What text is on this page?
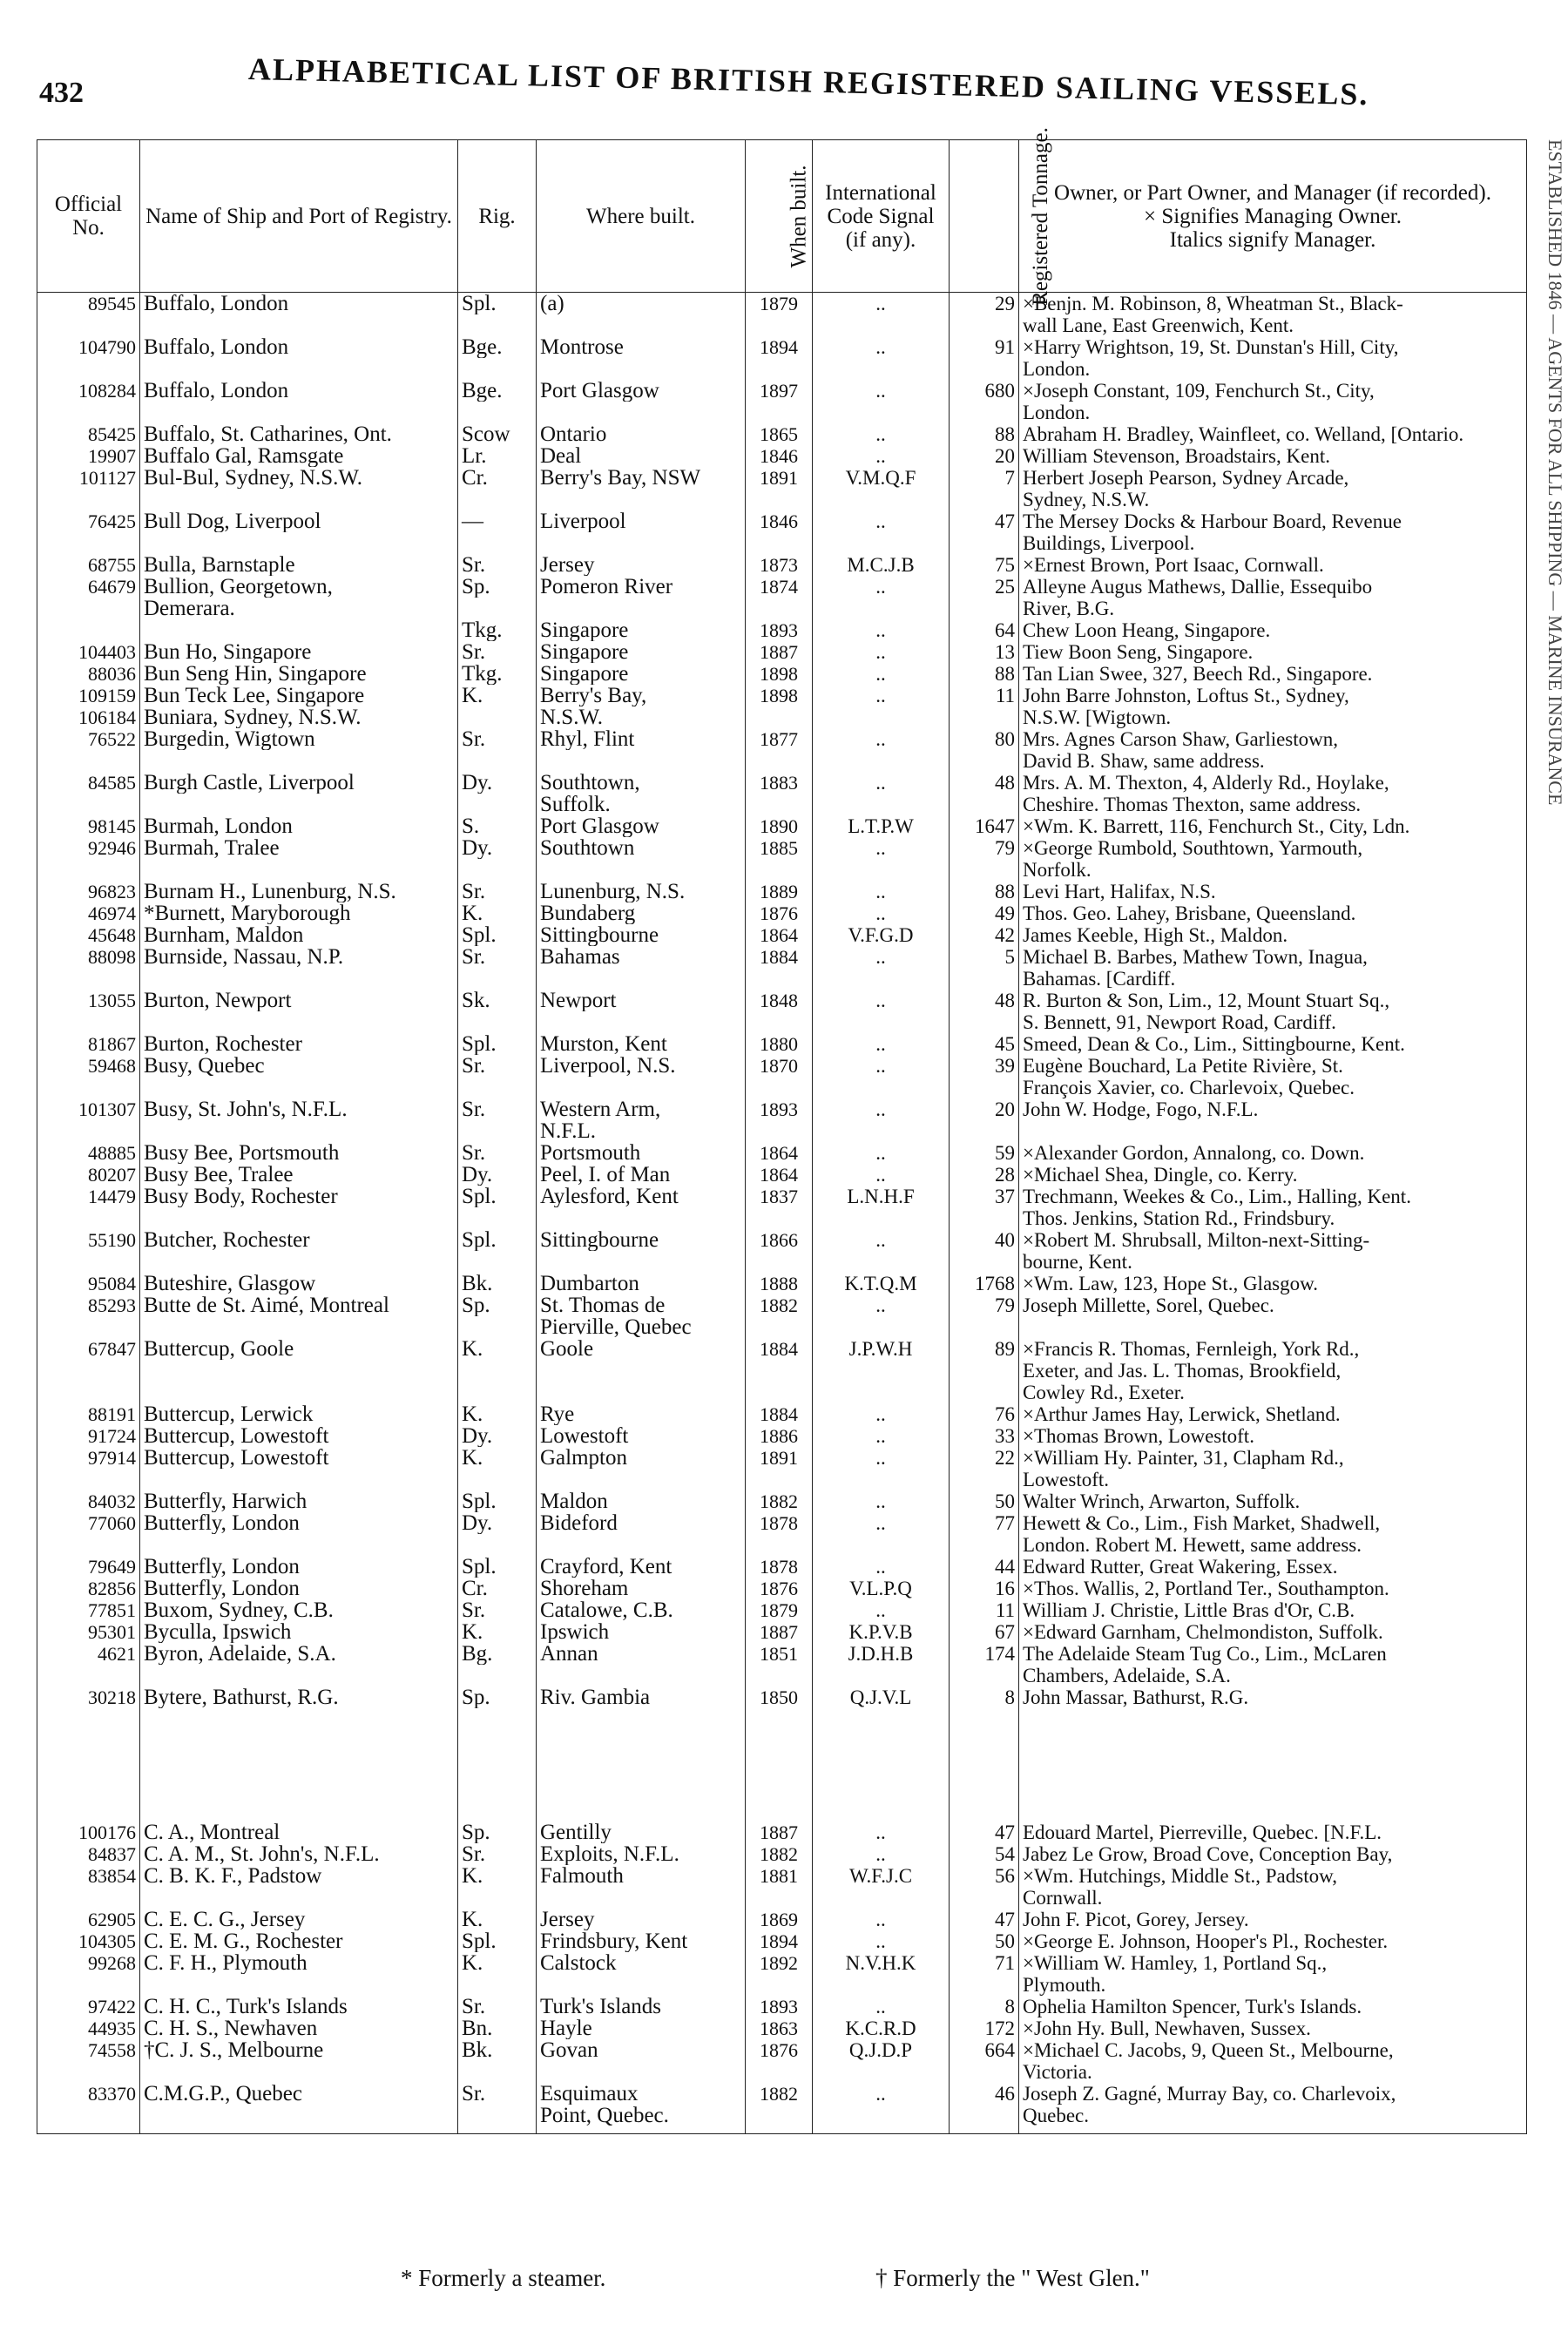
432	ALPHABETICAL LIST OF BRITISH REGISTERED SAILING VESSELS.
Official No.	Name of Ship and Port of Registry.	Rig.	Where built.	When built.	International Code Signal (if any).	Registered Tonnage.	Owner, or Part Owner, and Manager (if recorded).
× Signifies Managing Owner.
Italics signify Manager.

89545	Buffalo, London	Spl.	(a)	1879	..	29	×Benjn. M. Robinson, 8, Wheatman St., Black-
							wall Lane, East Greenwich, Kent.
104790	Buffalo, London	Bge.	Montrose	1894	..	91	×Harry Wrightson, 19, St. Dunstan's Hill, City,
							London.
108284	Buffalo, London	Bge.	Port Glasgow	1897	..	680	×Joseph Constant, 109, Fenchurch St., City,
							London.
85425	Buffalo, St. Catharines, Ont.	Scow	Ontario	1865	..	88	Abraham H. Bradley, Wainfleet, co. Welland, [Ontario.
19907	Buffalo Gal, Ramsgate	Lr.	Deal	1846	..	20	William Stevenson, Broadstairs, Kent.
101127	Bul-Bul, Sydney, N.S.W.	Cr.	Berry's Bay, NSW	1891	V.M.Q.F	7	Herbert Joseph Pearson, Sydney Arcade,
							Sydney, N.S.W.
76425	Bull Dog, Liverpool	—	Liverpool	1846	..	47	The Mersey Docks & Harbour Board, Revenue
							Buildings, Liverpool.
68755	Bulla, Barnstaple	Sr.	Jersey	1873	M.C.J.B	75	×Ernest Brown, Port Isaac, Cornwall.
64679	Bullion, Georgetown,	Sp.	Pomeron River	1874	..	25	Alleyne Augus Mathews, Dallie, Essequibo
	Demerara.						River, B.G.
		Tkg.	Singapore	1893	..	64	Chew Loon Heang, Singapore.
104403	Bun Ho, Singapore	Sr.	Singapore	1887	..	13	Tiew Boon Seng, Singapore.
88036	Bun Seng Hin, Singapore	Tkg.	Singapore	1898	..	88	Tan Lian Swee, 327, Beech Rd., Singapore.
109159	Bun Teck Lee, Singapore	K.	Berry's Bay,	1898	..	11	John Barre Johnston, Loftus St., Sydney,
106184	Buniara, Sydney, N.S.W.		N.S.W.				N.S.W. [Wigtown.
76522	Burgedin, Wigtown	Sr.	Rhyl, Flint	1877	..	80	Mrs. Agnes Carson Shaw, Garliestown,
							David B. Shaw, same address.
84585	Burgh Castle, Liverpool	Dy.	Southtown,	1883	..	48	Mrs. A. M. Thexton, 4, Alderly Rd., Hoylake,
			Suffolk.				Cheshire. Thomas Thexton, same address.
98145	Burmah, London	S.	Port Glasgow	1890	L.T.P.W	1647	×Wm. K. Barrett, 116, Fenchurch St., City, Ldn.
92946	Burmah, Tralee	Dy.	Southtown	1885	..	79	×George Rumbold, Southtown, Yarmouth,
							Norfolk.
96823	Burnam H., Lunenburg, N.S.	Sr.	Lunenburg, N.S.	1889	..	88	Levi Hart, Halifax, N.S.
46974	*Burnett, Maryborough	K.	Bundaberg	1876	..	49	Thos. Geo. Lahey, Brisbane, Queensland.
45648	Burnham, Maldon	Spl.	Sittingbourne	1864	V.F.G.D	42	James Keeble, High St., Maldon.
88098	Burnside, Nassau, N.P.	Sr.	Bahamas	1884	..	5	Michael B. Barbes, Mathew Town, Inagua,
							Bahamas. [Cardiff.
13055	Burton, Newport	Sk.	Newport	1848	..	48	R. Burton & Son, Lim., 12, Mount Stuart Sq.,
							S. Bennett, 91, Newport Road, Cardiff.
81867	Burton, Rochester	Spl.	Murston, Kent	1880	..	45	Smeed, Dean & Co., Lim., Sittingbourne, Kent.
59468	Busy, Quebec	Sr.	Liverpool, N.S.	1870	..	39	Eugène Bouchard, La Petite Rivière, St.
							François Xavier, co. Charlevoix, Quebec.
101307	Busy, St. John's, N.F.L.	Sr.	Western Arm,	1893	..	20	John W. Hodge, Fogo, N.F.L.
			N.F.L.				
48885	Busy Bee, Portsmouth	Sr.	Portsmouth	1864	..	59	×Alexander Gordon, Annalong, co. Down.
80207	Busy Bee, Tralee	Dy.	Peel, I. of Man	1864	..	28	×Michael Shea, Dingle, co. Kerry.
14479	Busy Body, Rochester	Spl.	Aylesford, Kent	1837	L.N.H.F	37	Trechmann, Weekes & Co., Lim., Halling, Kent.
							Thos. Jenkins, Station Rd., Frindsbury.
55190	Butcher, Rochester	Spl.	Sittingbourne	1866	..	40	×Robert M. Shrubsall, Milton-next-Sitting-
							bourne, Kent.
95084	Buteshire, Glasgow	Bk.	Dumbarton	1888	K.T.Q.M	1768	×Wm. Law, 123, Hope St., Glasgow.
85293	Butte de St. Aimé, Montreal	Sp.	St. Thomas de	1882	..	79	Joseph Millette, Sorel, Quebec.
			Pierville, Quebec				
67847	Buttercup, Goole	K.	Goole	1884	J.P.W.H	89	×Francis R. Thomas, Fernleigh, York Rd.,
							Exeter, and Jas. L. Thomas, Brookfield,
							Cowley Rd., Exeter.
88191	Buttercup, Lerwick	K.	Rye	1884	..	76	×Arthur James Hay, Lerwick, Shetland.
91724	Buttercup, Lowestoft	Dy.	Lowestoft	1886	..	33	×Thomas Brown, Lowestoft.
97914	Buttercup, Lowestoft	K.	Galmpton	1891	..	22	×William Hy. Painter, 31, Clapham Rd.,
							Lowestoft.
84032	Butterfly, Harwich	Spl.	Maldon	1882	..	50	Walter Wrinch, Arwarton, Suffolk.
77060	Butterfly, London	Dy.	Bideford	1878	..	77	Hewett & Co., Lim., Fish Market, Shadwell,
							London. Robert M. Hewett, same address.
79649	Butterfly, London	Spl.	Crayford, Kent	1878	..	44	Edward Rutter, Great Wakering, Essex.
82856	Butterfly, London	Cr.	Shoreham	1876	V.L.P.Q	16	×Thos. Wallis, 2, Portland Ter., Southampton.
77851	Buxom, Sydney, C.B.	Sr.	Catalowe, C.B.	1879	..	11	William J. Christie, Little Bras d'Or, C.B.
95301	Byculla, Ipswich	K.	Ipswich	1887	K.P.V.B	67	×Edward Garnham, Chelmondiston, Suffolk.
4621	Byron, Adelaide, S.A.	Bg.	Annan	1851	J.D.H.B	174	The Adelaide Steam Tug Co., Lim., McLaren
							Chambers, Adelaide, S.A.
30218	Bytere, Bathurst, R.G.	Sp.	Riv. Gambia	1850	Q.J.V.L	8	John Massar, Bathurst, R.G.

100176	C. A., Montreal	Sp.	Gentilly	1887	..	47	Edouard Martel, Pierreville, Quebec. [N.F.L.
84837	C. A. M., St. John's, N.F.L.	Sr.	Exploits, N.F.L.	1882	..	54	Jabez Le Grow, Broad Cove, Conception Bay,
83854	C. B. K. F., Padstow	K.	Falmouth	1881	W.F.J.C	56	×Wm. Hutchings, Middle St., Padstow,
							Cornwall.
62905	C. E. C. G., Jersey	K.	Jersey	1869	..	47	John F. Picot, Gorey, Jersey.
104305	C. E. M. G., Rochester	Spl.	Frindsbury, Kent	1894	..	50	×George E. Johnson, Hooper's Pl., Rochester.
99268	C. F. H., Plymouth	K.	Calstock	1892	N.V.H.K	71	×William W. Hamley, 1, Portland Sq.,
							Plymouth.
97422	C. H. C., Turk's Islands	Sr.	Turk's Islands	1893	..	8	Ophelia Hamilton Spencer, Turk's Islands.
44935	C. H. S., Newhaven	Bn.	Hayle	1863	K.C.R.D	172	×John Hy. Bull, Newhaven, Sussex.
74558	†C. J. S., Melbourne	Bk.	Govan	1876	Q.J.D.P	664	×Michael C. Jacobs, 9, Queen St., Melbourne,
							Victoria.
83370	C.M.G.P., Quebec	Sr.	Esquimaux	1882	..	46	Joseph Z. Gagné, Murray Bay, co. Charlevoix,
			Point, Quebec.				Quebec.

* Formerly a steamer.	† Formerly the " West Glen."
ESTABLISHED 1846 — AGENTS FOR ALL SHIPPING — MARINE INSURANCE
